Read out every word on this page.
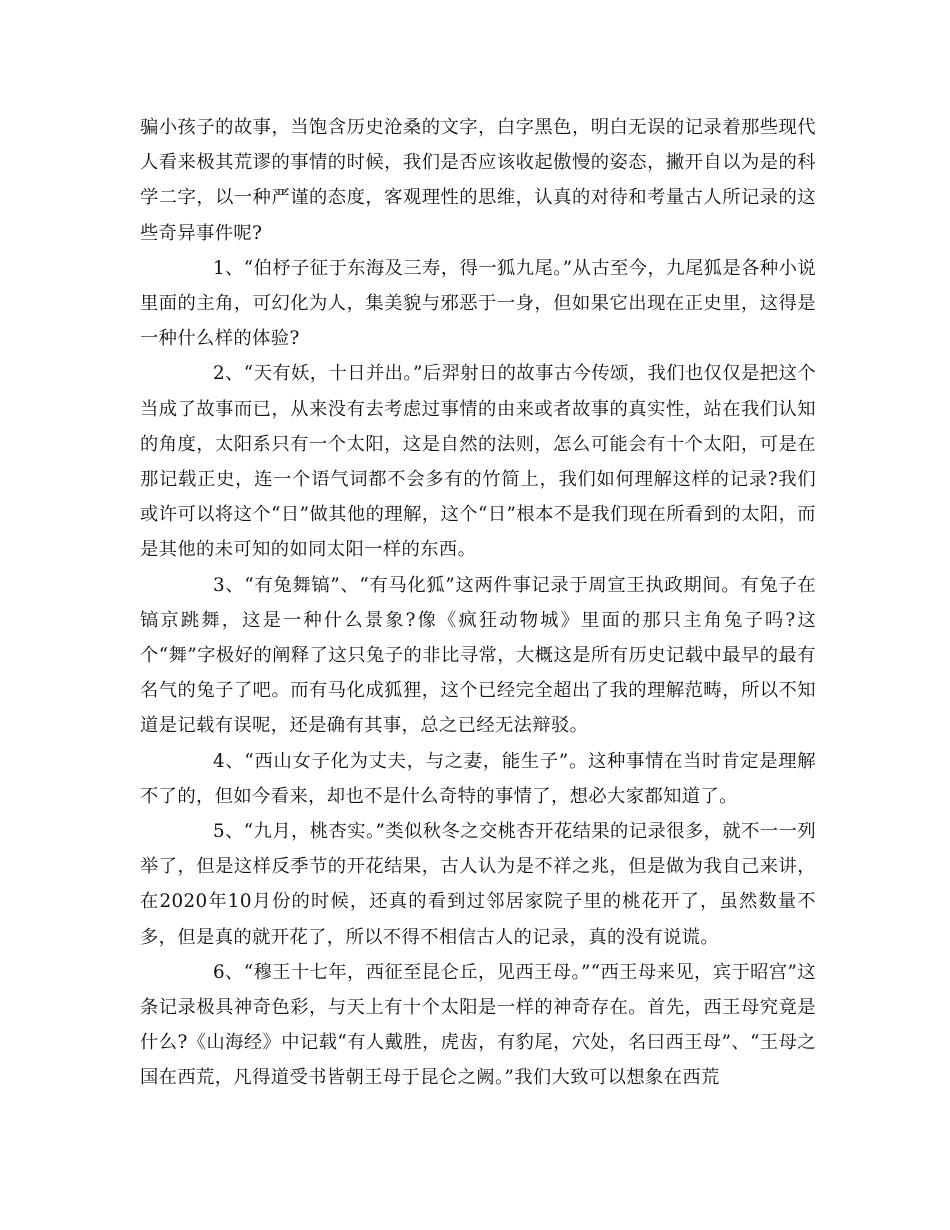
骗小孩子的故事，当饱含历史沧桑的文字，白字黑色，明白无误的记录着那些现代人看来极其荒谬的事情的时候，我们是否应该收起傲慢的姿态，撇开自以为是的科学二字，以一种严谨的态度，客观理性的思维，认真的对待和考量古人所记录的这些奇异事件呢?

1、“伯杼子征于东海及三寿，得一狐九尾。”从古至今，九尾狐是各种小说里面的主角，可幻化为人，集美貌与邪恶于一身，但如果它出现在正史里，这得是一种什么样的体验?

2、“天有妖，十日并出。”后羿射日的故事古今传颂，我们也仅仅是把这个当成了故事而已，从来没有去考虑过事情的由来或者故事的真实性，站在我们认知的角度，太阳系只有一个太阳，这是自然的法则，怎么可能会有十个太阳，可是在那记载正史，连一个语气词都不会多有的竹简上，我们如何理解这样的记录?我们或许可以将这个“日”做其他的理解，这个“日”根本不是我们现在所看到的太阳，而是其他的未可知的如同太阳一样的东西。

3、“有兔舞镐”、“有马化狐”这两件事记录于周宣王执政期间。有兔子在镐京跳舞，这是一种什么景象?像《疯狂动物城》里面的那只主角兔子吗?这个“舞”字极好的阐释了这只兔子的非比寻常，大概这是所有历史记载中最早的最有名气的兔子了吧。而有马化成狐狸，这个已经完全超出了我的理解范畴，所以不知道是记载有误呢，还是确有其事，总之已经无法辩驳。

4、“西山女子化为丈夫，与之妻，能生子”。这种事情在当时肯定是理解不了的，但如今看来，却也不是什么奇特的事情了，想必大家都知道了。

5、“九月，桃杏实。”类似秋冬之交桃杏开花结果的记录很多，就不一一列举了，但是这样反季节的开花结果，古人认为是不祥之兆，但是做为我自己来讲，在2020年10月份的时候，还真的看到过邻居家院子里的桃花开了，虽然数量不多，但是真的就开花了，所以不得不相信古人的记录，真的没有说谎。

6、“穆王十七年，西征至昆仑丘，见西王母。”“西王母来见，宾于昭宫”这条记录极具神奇色彩，与天上有十个太阳是一样的神奇存在。首先，西王母究竟是什么?《山海经》中记载“有人戴胜，虎齿，有豹尾，穴处，名曰西王母”、“王母之国在西荒，凡得道受书皆朝王母于昆仑之阙。”我们大致可以想象在西荒
